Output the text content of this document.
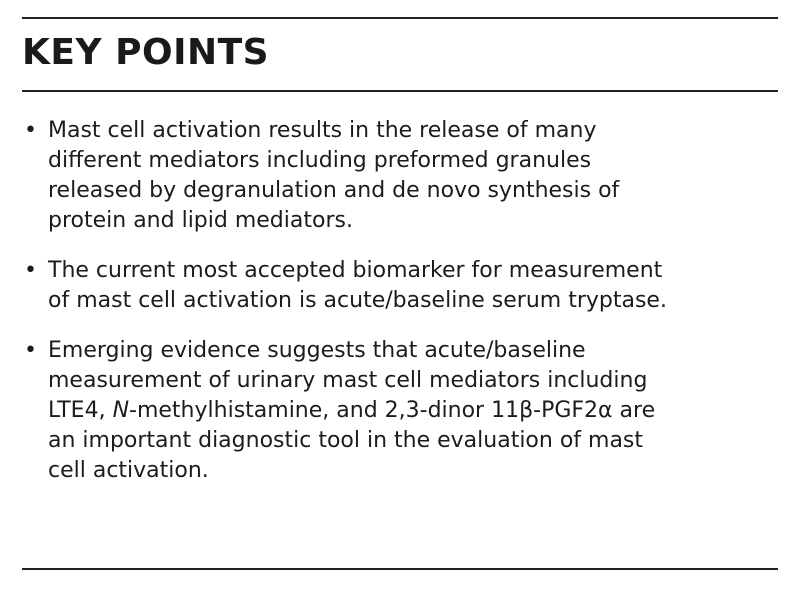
KEY POINTS
• Mast cell activation results in the release of many
different mediators including preformed granules
released by degranulation and de novo synthesis of
protein and lipid mediators.
• The current most accepted biomarker for measurement
of mast cell activation is acute/baseline serum tryptase.
• Emerging evidence suggests that acute/baseline
measurement of urinary mast cell mediators including
LTE4, N-methylhistamine, and 2,3-dinor 11β-PGF2α are
an important diagnostic tool in the evaluation of mast
cell activation.
